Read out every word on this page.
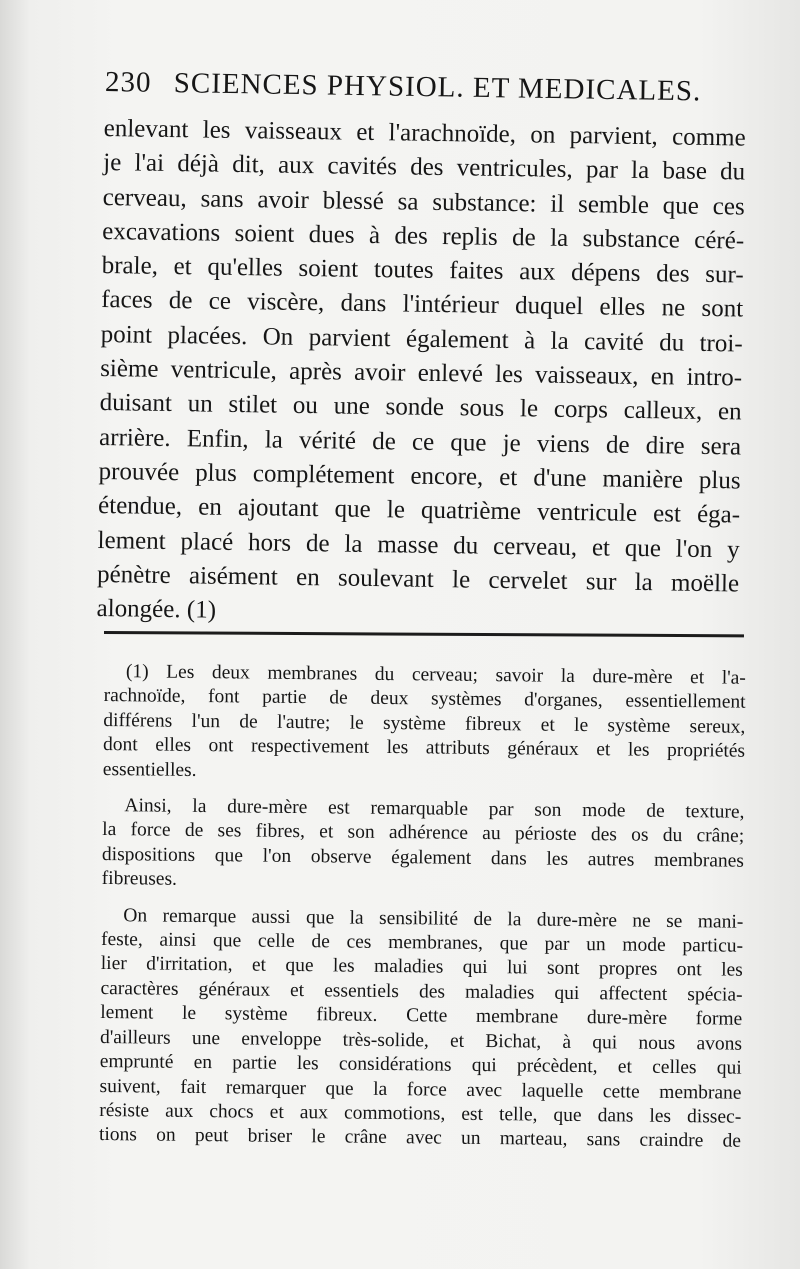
230 SCIENCES PHYSIOL. ET MEDICALES.
enlevant les vaisseaux et l'arachnoïde, on parvient, comme
je l'ai déjà dit, aux cavités des ventricules, par la base du
cerveau, sans avoir blessé sa substance: il semble que ces
excavations soient dues à des replis de la substance céré-
brale, et qu'elles soient toutes faites aux dépens des sur-
faces de ce viscère, dans l'intérieur duquel elles ne sont
point placées. On parvient également à la cavité du troi-
sième ventricule, après avoir enlevé les vaisseaux, en intro-
duisant un stilet ou une sonde sous le corps calleux, en
arrière. Enfin, la vérité de ce que je viens de dire sera
prouvée plus complétement encore, et d'une manière plus
étendue, en ajoutant que le quatrième ventricule est éga-
lement placé hors de la masse du cerveau, et que l'on y
pénètre aisément en soulevant le cervelet sur la moëlle
alongée. (1)
(1) Les deux membranes du cerveau; savoir la dure-mère et l'a-
rachnoïde, font partie de deux systèmes d'organes, essentiellement
différens l'un de l'autre; le système fibreux et le système sereux,
dont elles ont respectivement les attributs généraux et les propriétés
essentielles.
Ainsi, la dure-mère est remarquable par son mode de texture,
la force de ses fibres, et son adhérence au périoste des os du crâne;
dispositions que l'on observe également dans les autres membranes
fibreuses.
On remarque aussi que la sensibilité de la dure-mère ne se mani-
feste, ainsi que celle de ces membranes, que par un mode particu-
lier d'irritation, et que les maladies qui lui sont propres ont les
caractères généraux et essentiels des maladies qui affectent spécia-
lement le système fibreux. Cette membrane dure-mère forme
d'ailleurs une enveloppe très-solide, et Bichat, à qui nous avons
emprunté en partie les considérations qui précèdent, et celles qui
suivent, fait remarquer que la force avec laquelle cette membrane
résiste aux chocs et aux commotions, est telle, que dans les dissec-
tions on peut briser le crâne avec un marteau, sans craindre de
